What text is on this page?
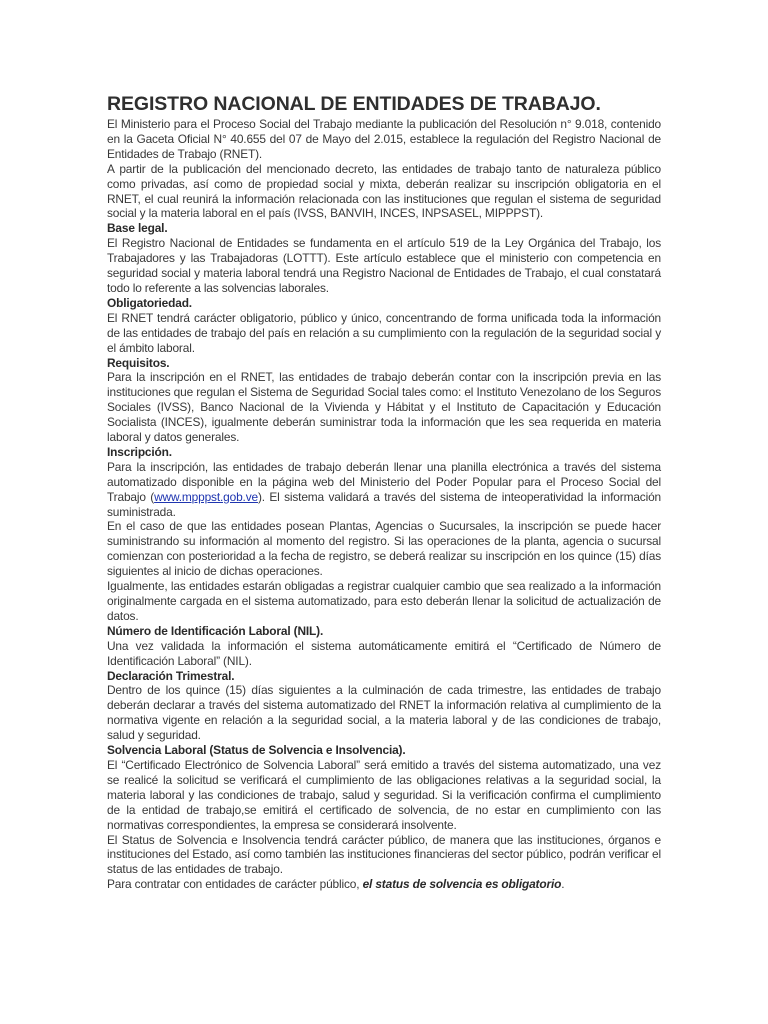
REGISTRO NACIONAL DE ENTIDADES DE TRABAJO.

El Ministerio para el Proceso Social del Trabajo mediante la publicación del Resolución n° 9.018, contenido en la Gaceta Oficial N° 40.655 del 07 de Mayo del 2.015, establece la regulación del Registro Nacional de Entidades de Trabajo (RNET).

A partir de la publicación del mencionado decreto, las entidades de trabajo tanto de naturaleza público como privadas, así como de propiedad social y mixta, deberán realizar su inscripción obligatoria en el RNET, el cual reunirá la información relacionada con las instituciones que regulan el sistema de seguridad social y la materia laboral en el país (IVSS, BANVIH, INCES, INPSASEL, MIPPPST).

Base legal.

El Registro Nacional de Entidades se fundamenta en el artículo 519 de la Ley Orgánica del Trabajo, los Trabajadores y las Trabajadoras (LOTTT). Este artículo establece que el ministerio con competencia en seguridad social y materia laboral tendrá una Registro Nacional de Entidades de Trabajo, el cual constatará todo lo referente a las solvencias laborales.

Obligatoriedad.

El RNET tendrá carácter obligatorio, público y único, concentrando de forma unificada toda la información de las entidades de trabajo del país en relación a su cumplimiento con la regulación de la seguridad social y el ámbito laboral.

Requisitos.

Para la inscripción en el RNET, las entidades de trabajo deberán contar con la inscripción previa en las instituciones que regulan el Sistema de Seguridad Social tales como: el Instituto Venezolano de los Seguros Sociales (IVSS), Banco Nacional de la Vivienda y Hábitat y el Instituto de Capacitación y Educación Socialista (INCES), igualmente deberán suministrar toda la información que les sea requerida en materia laboral y datos generales.

Inscripción.

Para la inscripción, las entidades de trabajo deberán llenar una planilla electrónica a través del sistema automatizado disponible en la página web del Ministerio del Poder Popular para el Proceso Social del Trabajo (www.mpppst.gob.ve). El sistema validará a través del sistema de inteoperatividad la información suministrada.

En el caso de que las entidades posean Plantas, Agencias o Sucursales, la inscripción se puede hacer suministrando su información al momento del registro. Si las operaciones de la planta, agencia o sucursal comienzan con posterioridad a la fecha de registro, se deberá realizar su inscripción en los quince (15) días siguientes al inicio de dichas operaciones.

Igualmente, las entidades estarán obligadas a registrar cualquier cambio que sea realizado a la información originalmente cargada en el sistema automatizado, para esto deberán llenar la solicitud de actualización de datos.

Número de Identificación Laboral (NIL).

Una vez validada la información el sistema automáticamente emitirá el “Certificado de Número de Identificación Laboral” (NIL).

Declaración Trimestral.

Dentro de los quince (15) días siguientes a la culminación de cada trimestre, las entidades de trabajo deberán declarar a través del sistema automatizado del RNET la información relativa al cumplimiento de la normativa vigente en relación a la seguridad social, a la materia laboral y de las condiciones de trabajo, salud y seguridad.

Solvencia Laboral (Status de Solvencia e Insolvencia).

El “Certificado Electrónico de Solvencia Laboral” será emitido a través del sistema automatizado, una vez se realicé la solicitud se verificará el cumplimiento de las obligaciones relativas a la seguridad social, la materia laboral y las condiciones de trabajo, salud y seguridad. Si la verificación confirma el cumplimiento de la entidad de trabajo,se emitirá el certificado de solvencia, de no estar en cumplimiento con las normativas correspondientes, la empresa se considerará insolvente.

El Status de Solvencia e Insolvencia tendrá carácter público, de manera que las instituciones, órganos e instituciones del Estado, así como también las instituciones financieras del sector público, podrán verificar el status de las entidades de trabajo.

Para contratar con entidades de carácter público, el status de solvencia es obligatorio.
